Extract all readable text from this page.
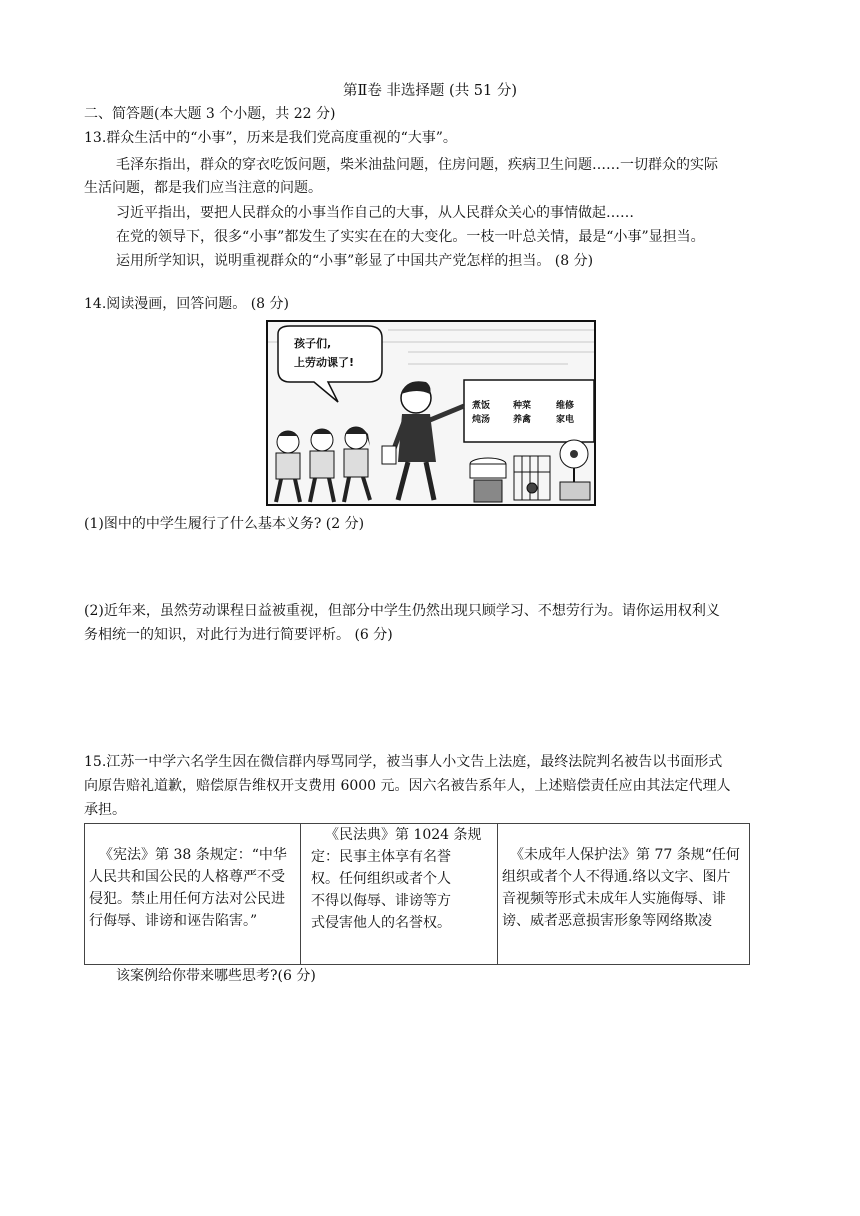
第Ⅱ卷 非选择题 (共 51 分)
二、简答题(本大题 3 个小题，共 22 分)
13.群众生活中的“小事”，历来是我们党高度重视的“大事”。
毛泽东指出，群众的穿衣吃饭问题，柴米油盐问题，住房问题，疾病卫生问题……一切群众的实际
生活问题，都是我们应当注意的问题。
习近平指出，要把人民群众的小事当作自己的大事，从人民群众关心的事情做起……
在党的领导下，很多“小事”都发生了实实在在的大变化。一枝一叶总关情，最是“小事”显担当。
运用所学知识，说明重视群众的“小事”彰显了中国共产党怎样的担当。 (8 分)
14.阅读漫画，回答问题。 (8 分)
孩子们,
上劳动课了!
煮饭
炖汤
种菜
养禽
维修
家电
(1)图中的中学生履行了什么基本义务? (2 分)
(2)近年来，虽然劳动课程日益被重视，但部分中学生仍然出现只顾学习、不想劳行为。请你运用权利义
务相统一的知识，对此行为进行简要评析。 (6 分)
15.江苏一中学六名学生因在微信群内辱骂同学，被当事人小文告上法庭，最终法院判名被告以书面形式
向原告赔礼道歉，赔偿原告维权开支费用 6000 元。因六名被告系年人，上述赔偿责任应由其法定代理人
承担。
《宪法》第 38 条规定：“中华
人民共和国公民的人格尊严不受
侵犯。禁止用任何方法对公民进
行侮辱、诽谤和诬告陷害。”

《民法典》第 1024 条规
定：民事主体享有名誉
权。任何组织或者个人
不得以侮辱、诽谤等方
式侵害他人的名誉权。

《未成年人保护法》第 77 条规“任何
组织或者个人不得通.络以文字、图片
音视频等形式未成年人实施侮辱、诽
谤、威者恶意损害形象等网络欺凌
该案例给你带来哪些思考?(6 分)
